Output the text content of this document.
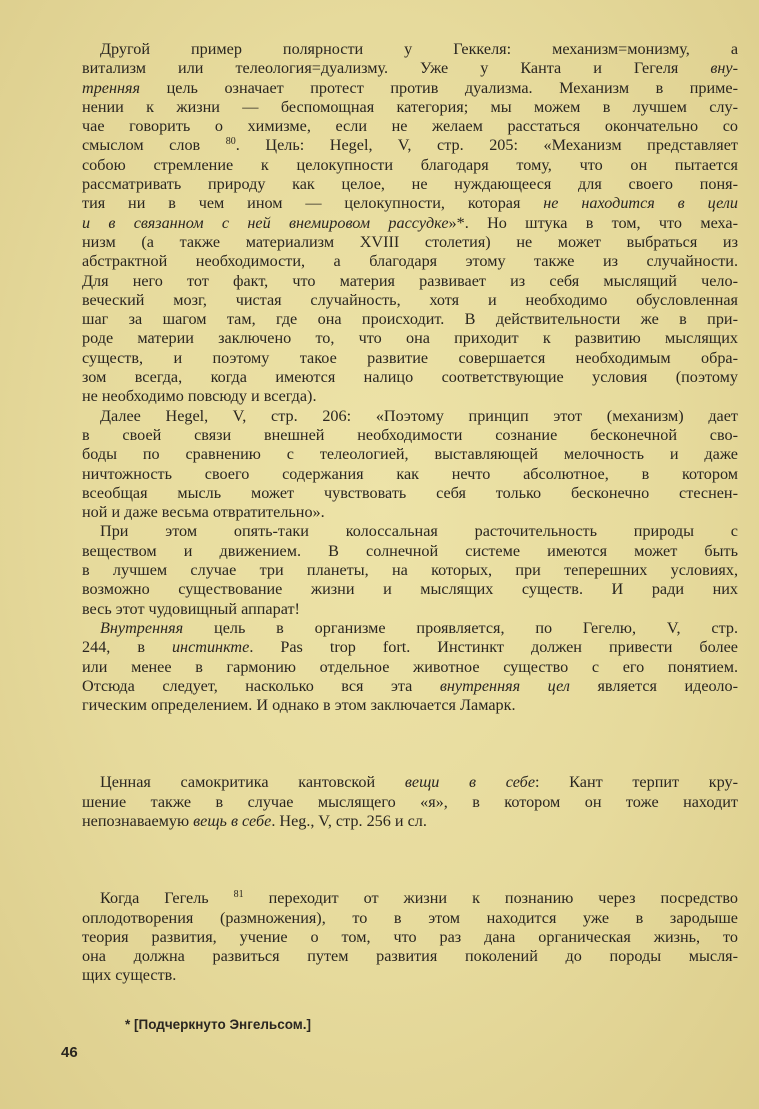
Другой пример полярности у Геккеля: механизм=монизму, а
витализм или телеология=дуализму. Уже у Канта и Гегеля вну-
тренняя цель означает протест против дуализма. Механизм в приме-
нении к жизни — беспомощная категория; мы можем в лучшем слу-
чае говорить о химизме, если не желаем расстаться окончательно со
смыслом слов $^{80}$. Цель: Hegel, V, стр. 205: «Механизм представляет
собою стремление к целокупности благодаря тому, что он пытается
рассматривать природу как целое, не нуждающееся для своего поня-
тия ни в чем ином — целокупности, которая не находится в цели
и в связанном с ней внемировом рассудке»*. Но штука в том, что меха-
низм (а также материализм XVIII столетия) не может выбраться из
абстрактной необходимости, а благодаря этому также из случайности.
Для него тот факт, что материя развивает из себя мыслящий чело-
веческий мозг, чистая случайность, хотя и необходимо обусловленная
шаг за шагом там, где она происходит. В действительности же в при-
роде материи заключено то, что она приходит к развитию мыслящих
существ, и поэтому такое развитие совершается необходимым обра-
зом всегда, когда имеются налицо соответствующие условия (поэтому
не необходимо повсюду и всегда).
Далее Hegel, V, стр. 206: «Поэтому принцип этот (механизм) дает
в своей связи внешней необходимости сознание бесконечной сво-
боды по сравнению с телеологией, выставляющей мелочность и даже
ничтожность своего содержания как нечто абсолютное, в котором
всеобщая мысль может чувствовать себя только бесконечно стеснен-
ной и даже весьма отвратительно».
При этом опять-таки колоссальная расточительность природы с
веществом и движением. В солнечной системе имеются может быть
в лучшем случае три планеты, на которых, при теперешних условиях,
возможно существование жизни и мыслящих существ. И ради них
весь этот чудовищный аппарат!
Внутренняя цель в организме проявляется, по Гегелю, V, стр.
244, в инстинкте. Pas trop fort. Инстинкт должен привести более
или менее в гармонию отдельное животное существо с его понятием.
Отсюда следует, насколько вся эта внутренняя цел является идеоло-
гическим определением. И однако в этом заключается Ламарк.
Ценная самокритика кантовской вещи в себе: Кант терпит кру-
шение также в случае мыслящего «я», в котором он тоже находит
непознаваемую вещь в себе. Heg., V, стр. 256 и сл.
Когда Гегель $^{81}$ переходит от жизни к познанию через посредство
оплодотворения (размножения), то в этом находится уже в зародыше
теория развития, учение о том, что раз дана органическая жизнь, то
она должна развиться путем развития поколений до породы мысля-
щих существ.
* [Подчеркнуто Энгельсом.]
46
